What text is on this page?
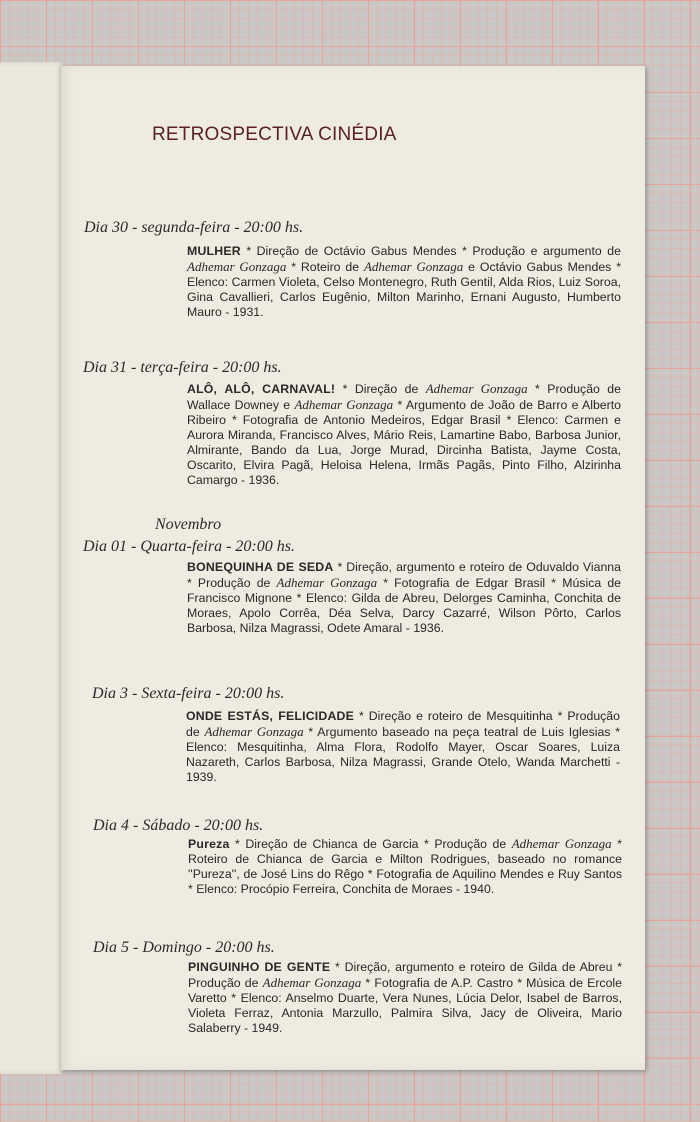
RETROSPECTIVA CINÉDIA
Dia 30 - segunda-feira - 20:00 hs.
MULHER * Direção de Octávio Gabus Mendes * Produção e argumento de Adhemar Gonzaga * Roteiro de Adhemar Gonzaga e Octávio Gabus Mendes * Elenco: Carmen Violeta, Celso Montenegro, Ruth Gentil, Alda Rios, Luiz Soroa, Gina Cavallieri, Carlos Eugênio, Milton Marinho, Ernani Augusto, Humberto Mauro - 1931.
Dia 31 - terça-feira - 20:00 hs.
ALÔ, ALÔ, CARNAVAL! * Direção de Adhemar Gonzaga * Produção de Wallace Downey e Adhemar Gonzaga * Argumento de João de Barro e Alberto Ribeiro * Fotografia de Antonio Medeiros, Edgar Brasil * Elenco: Carmen e Aurora Miranda, Francisco Alves, Mário Reis, Lamartine Babo, Barbosa Junior, Almirante, Bando da Lua, Jorge Murad, Dircinha Batista, Jayme Costa, Oscarito, Elvira Pagã, Heloisa Helena, Irmãs Pagãs, Pinto Filho, Alzirinha Camargo - 1936.
Novembro
Dia 01 - Quarta-feira - 20:00 hs.
BONEQUINHA DE SEDA * Direção, argumento e roteiro de Oduvaldo Vianna * Produção de Adhemar Gonzaga * Fotografia de Edgar Brasil * Música de Francisco Mignone * Elenco: Gilda de Abreu, Delorges Caminha, Conchita de Moraes, Apolo Corrêa, Déa Selva, Darcy Cazarré, Wilson Pôrto, Carlos Barbosa, Nilza Magrassi, Odete Amaral - 1936.
Dia 3 - Sexta-feira - 20:00 hs.
ONDE ESTÁS, FELICIDADE * Direção e roteiro de Mesquitinha * Produção de Adhemar Gonzaga * Argumento baseado na peça teatral de Luis Iglesias * Elenco: Mesquitinha, Alma Flora, Rodolfo Mayer, Oscar Soares, Luiza Nazareth, Carlos Barbosa, Nilza Magrassi, Grande Otelo, Wanda Marchetti - 1939.
Dia 4 - Sábado - 20:00 hs.
Pureza * Direção de Chianca de Garcia * Produção de Adhemar Gonzaga * Roteiro de Chianca de Garcia e Milton Rodrigues, baseado no romance ''Pureza'', de José Lins do Rêgo * Fotografia de Aquilino Mendes e Ruy Santos * Elenco: Procópio Ferreira, Conchita de Moraes - 1940.
Dia 5 - Domingo - 20:00 hs.
PINGUINHO DE GENTE * Direção, argumento e roteiro de Gilda de Abreu * Produção de Adhemar Gonzaga * Fotografia de A.P. Castro * Música de Ercole Varetto * Elenco: Anselmo Duarte, Vera Nunes, Lúcia Delor, Isabel de Barros, Violeta Ferraz, Antonia Marzullo, Palmira Silva, Jacy de Oliveira, Mario Salaberry - 1949.
